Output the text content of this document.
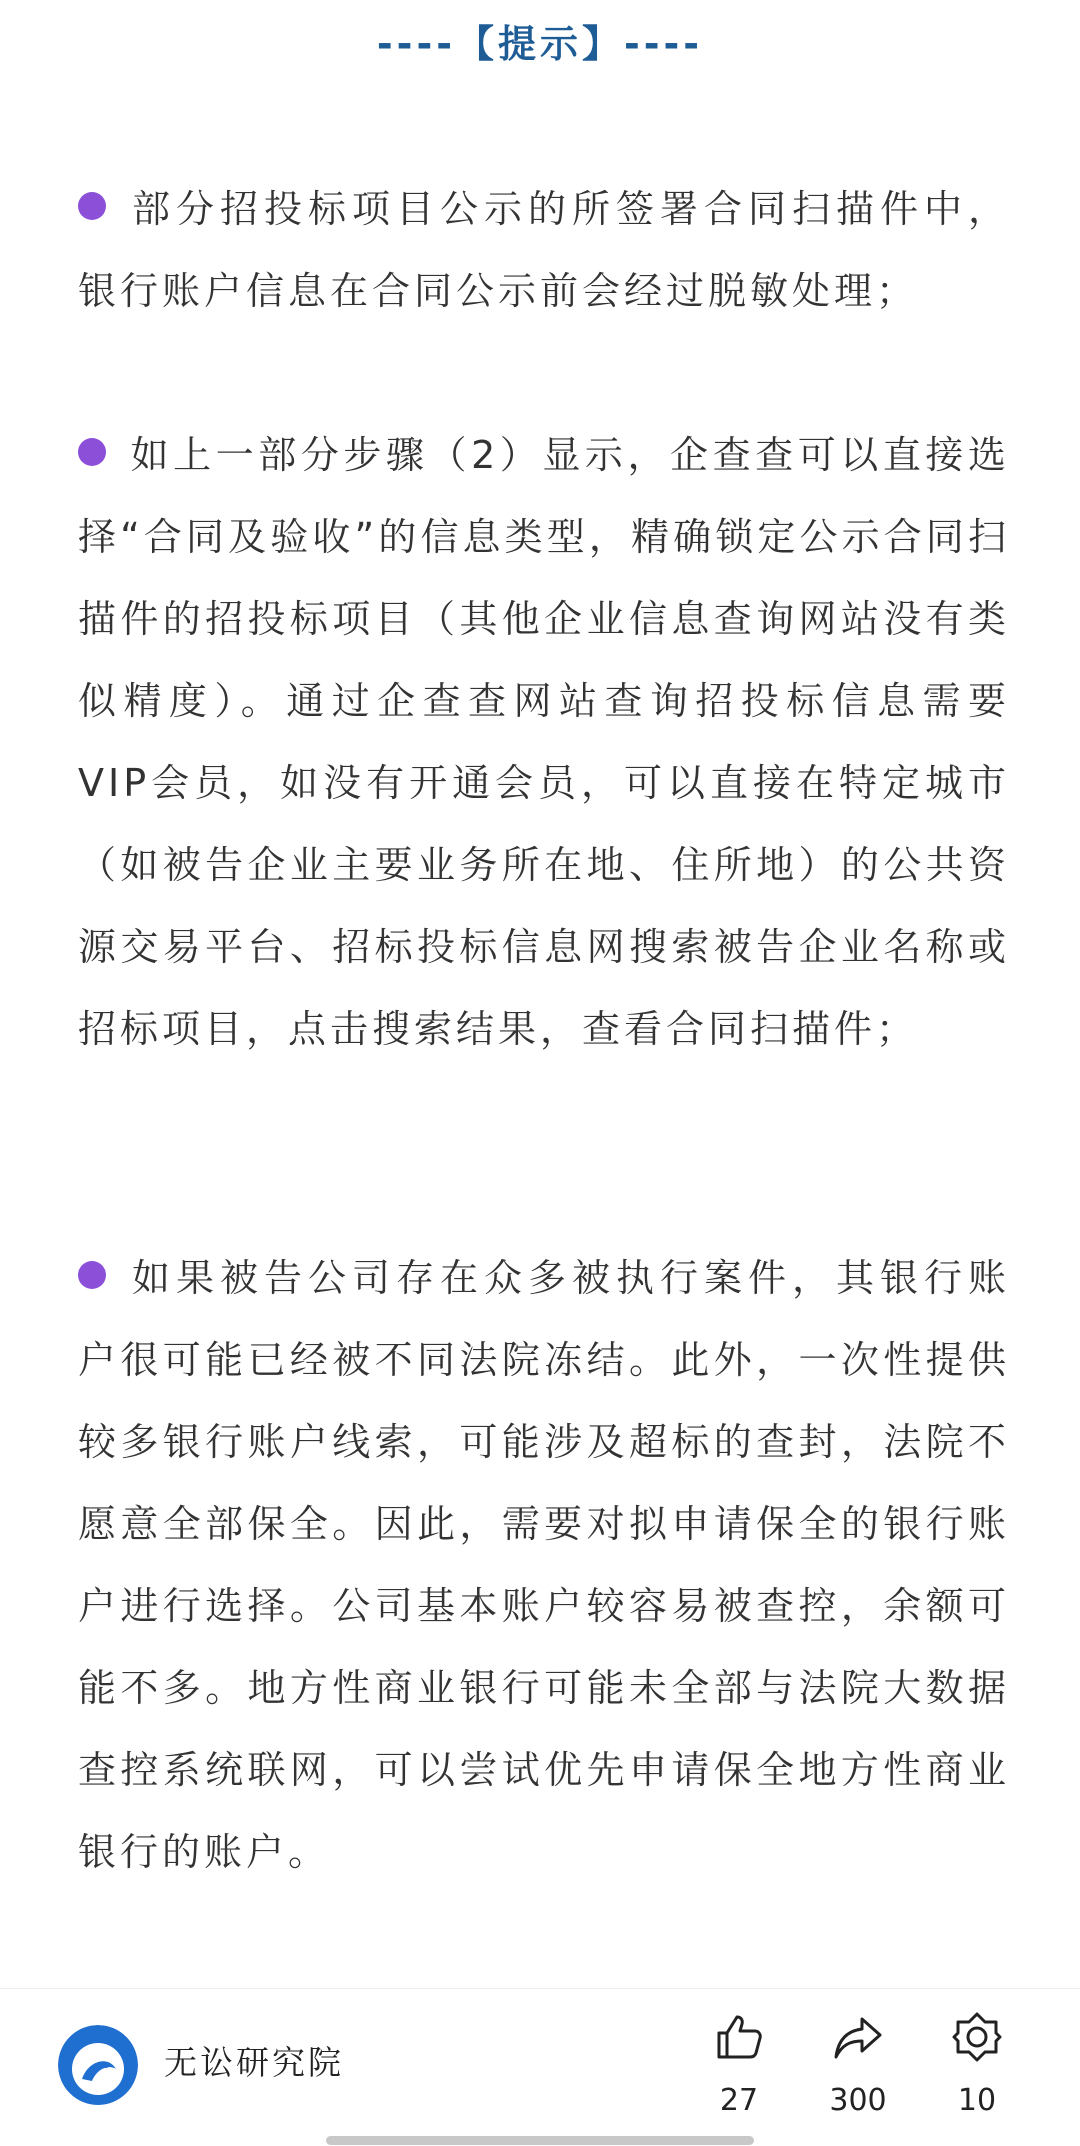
----【提示】----

部分招投标项目公示的所签署合同扫描件中，银行账户信息在合同公示前会经过脱敏处理；

如上一部分步骤（2）显示，企查查可以直接选择“合同及验收”的信息类型，精确锁定公示合同扫描件的招投标项目（其他企业信息查询网站没有类似精度）。通过企查查网站查询招投标信息需要VIP会员，如没有开通会员，可以直接在特定城市（如被告企业主要业务所在地、住所地）的公共资源交易平台、招标投标信息网搜索被告企业名称或招标项目，点击搜索结果，查看合同扫描件；

如果被告公司存在众多被执行案件，其银行账户很可能已经被不同法院冻结。此外，一次性提供较多银行账户线索，可能涉及超标的查封，法院不愿意全部保全。因此，需要对拟申请保全的银行账户进行选择。公司基本账户较容易被查控，余额可能不多。地方性商业银行可能未全部与法院大数据查控系统联网，可以尝试优先申请保全地方性商业银行的账户。

无讼研究院
27	300	10
